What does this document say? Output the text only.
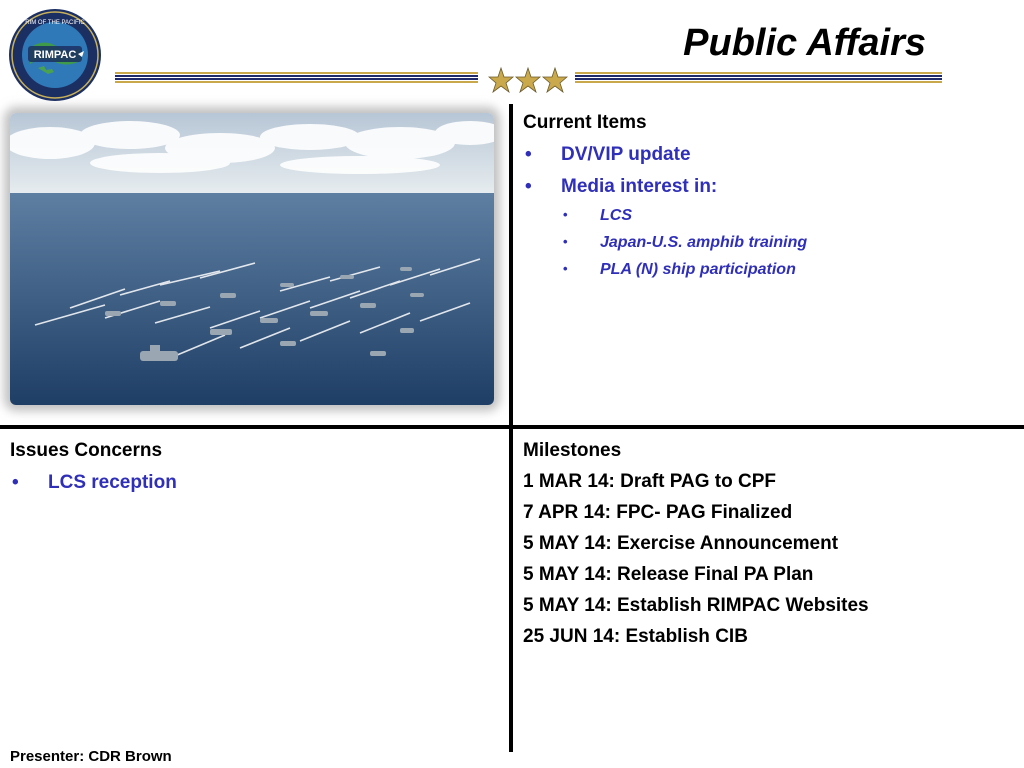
RIMPAC
RIM OF THE PACIFIC	Public Affairs
Current Items
• DV/VIP update
• Media interest in:
• LCS
• Japan-U.S. amphib training
• PLA (N) ship participation
Issues Concerns
• LCS reception
Milestones
1 MAR 14: Draft PAG to CPF
7 APR 14: FPC- PAG Finalized
5 MAY 14: Exercise Announcement
5 MAY 14: Release Final PA Plan
5 MAY 14: Establish RIMPAC Websites
25 JUN 14: Establish CIB
Presenter: CDR Brown
